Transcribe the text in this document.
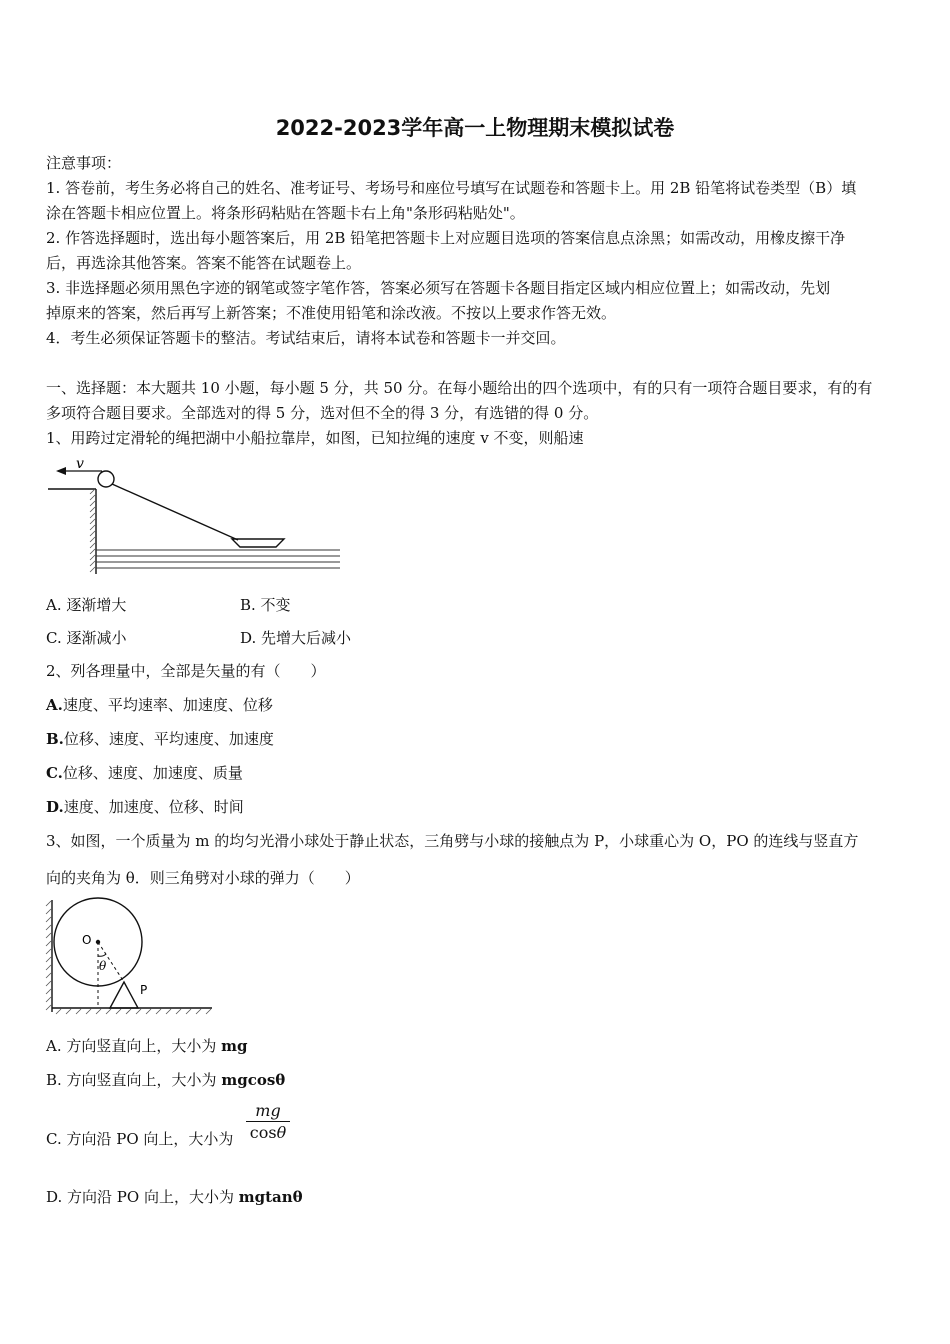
2022-2023学年高一上物理期末模拟试卷
注意事项：
1. 答卷前，考生务必将自己的姓名、准考证号、考场号和座位号填写在试题卷和答题卡上。用 2B 铅笔将试卷类型（B）填
涂在答题卡相应位置上。将条形码粘贴在答题卡右上角"条形码粘贴处"。
2. 作答选择题时，选出每小题答案后，用 2B 铅笔把答题卡上对应题目选项的答案信息点涂黑；如需改动，用橡皮擦干净
后，再选涂其他答案。答案不能答在试题卷上。
3. 非选择题必须用黑色字迹的钢笔或签字笔作答，答案必须写在答题卡各题目指定区域内相应位置上；如需改动，先划
掉原来的答案，然后再写上新答案；不准使用铅笔和涂改液。不按以上要求作答无效。
4．考生必须保证答题卡的整洁。考试结束后，请将本试卷和答题卡一并交回。
一、选择题：本大题共 10 小题，每小题 5 分，共 50 分。在每小题给出的四个选项中，有的只有一项符合题目要求，有的有
多项符合题目要求。全部选对的得 5 分，选对但不全的得 3 分，有选错的得 0 分。
1、用跨过定滑轮的绳把湖中小船拉靠岸，如图，已知拉绳的速度 v 不变，则船速
v
A. 逐渐增大	B. 不变
C. 逐渐减小	D. 先增大后减小
2、列各理量中，全部是矢量的有（　　）
A.速度、平均速率、加速度、位移
B.位移、速度、平均速度、加速度
C.位移、速度、加速度、质量
D.速度、加速度、位移、时间
3、如图，一个质量为 m 的均匀光滑小球处于静止状态，三角劈与小球的接触点为 P，小球重心为 O，PO 的连线与竖直方
向的夹角为 θ．则三角劈对小球的弹力（　　）
O
θ
P
A. 方向竖直向上，大小为 mg
B. 方向竖直向上，大小为 mgcosθ
C. 方向沿 PO 向上，大小为 $\frac{mg}{\cos\theta}$
D. 方向沿 PO 向上，大小为 mgtanθ
